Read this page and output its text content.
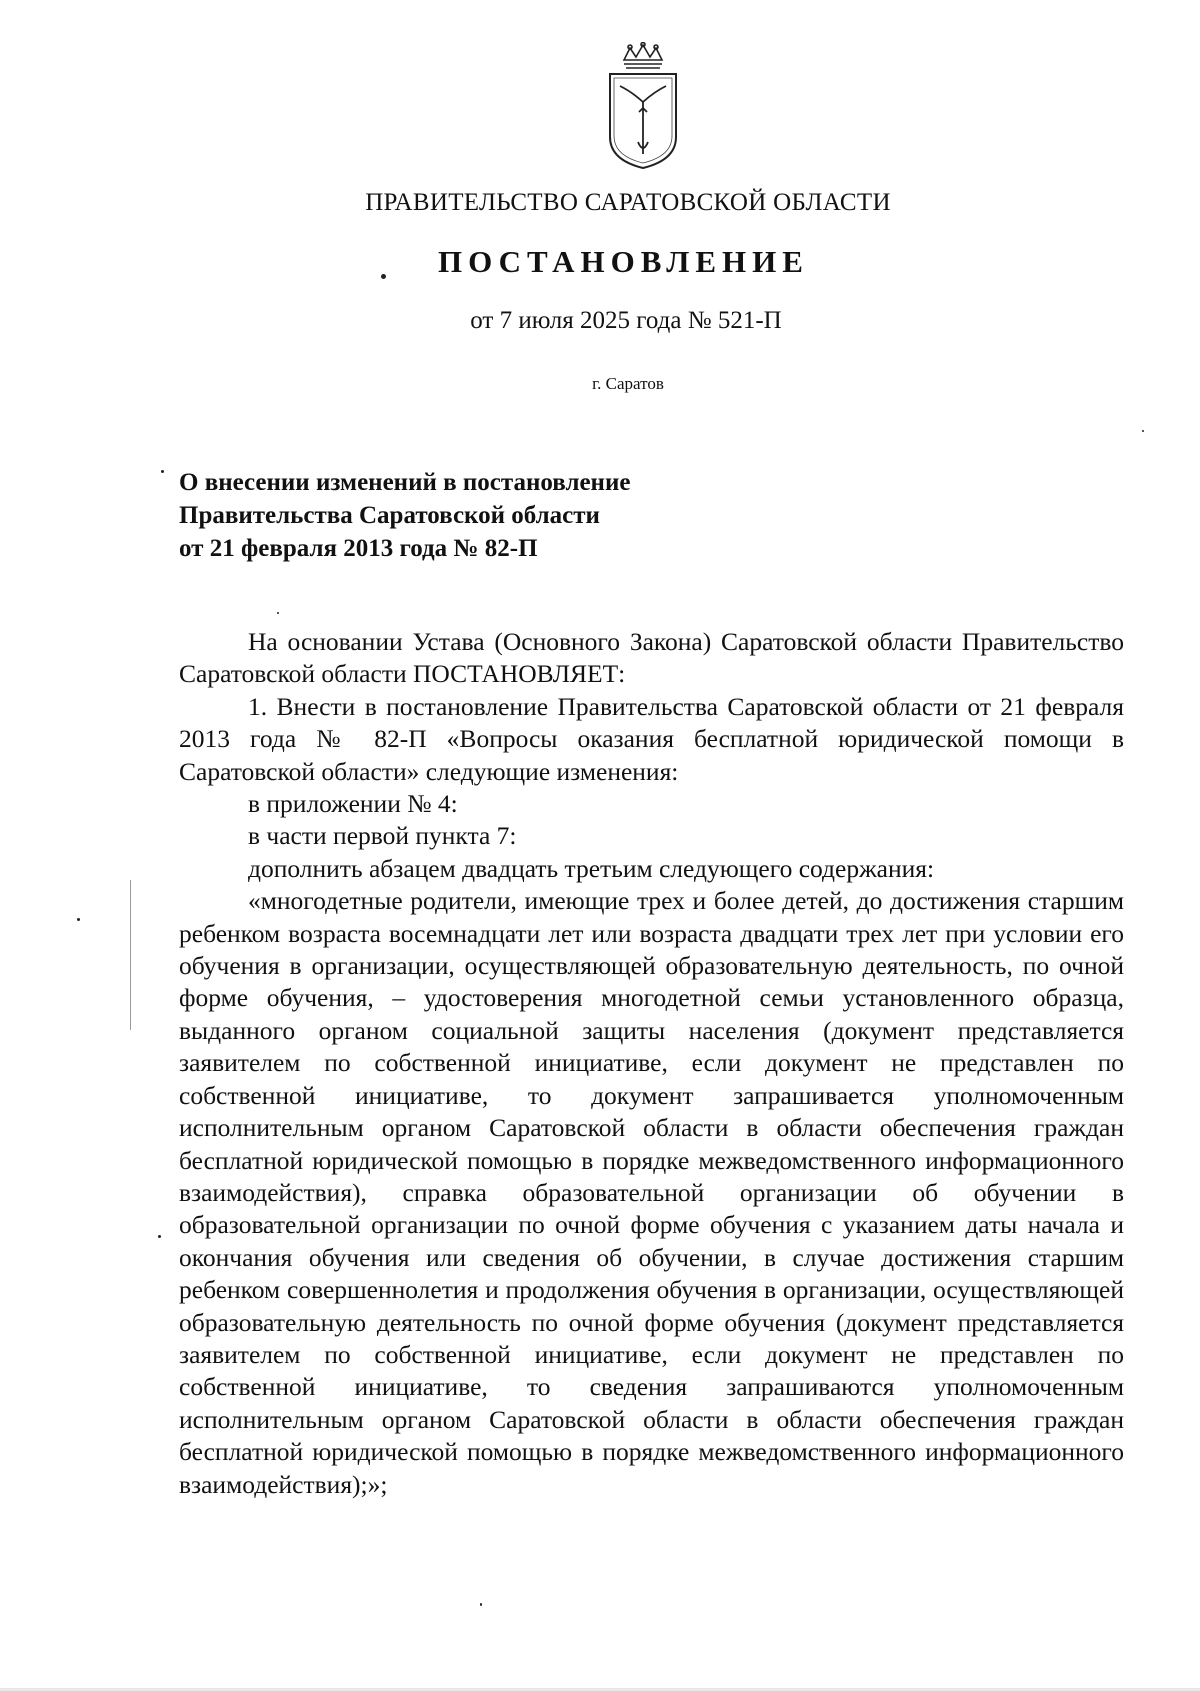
ПРАВИТЕЛЬСТВО САРАТОВСКОЙ ОБЛАСТИ
ПОСТАНОВЛЕНИЕ
от 7 июля 2025 года № 521-П
г. Саратов
О внесении изменений в постановление
Правительства Саратовской области
от 21 февраля 2013 года № 82-П

На основании Устава (Основного Закона) Саратовской области Правительство Саратовской области ПОСТАНОВЛЯЕТ:

1. Внести в постановление Правительства Саратовской области от 21 февраля 2013 года № 82-П «Вопросы оказания бесплатной юридической помощи в Саратовской области» следующие изменения:

в приложении № 4:

в части первой пункта 7:

дополнить абзацем двадцать третьим следующего содержания:

«многодетные родители, имеющие трех и более детей, до достижения старшим ребенком возраста восемнадцати лет или возраста двадцати трех лет при условии его обучения в организации, осуществляющей образовательную деятельность, по очной форме обучения, – удостоверения многодетной семьи установленного образца, выданного органом социальной защиты населения (документ представляется заявителем по собственной инициативе, если документ не представлен по собственной инициативе, то документ запрашивается уполномоченным исполнительным органом Саратовской области в области обеспечения граждан бесплатной юридической помощью в порядке межведомственного информационного взаимодействия), справка образовательной организации об обучении в образовательной организации по очной форме обучения с указанием даты начала и окончания обучения или сведения об обучении, в случае достижения старшим ребенком совершеннолетия и продолжения обучения в организации, осуществляющей образовательную деятельность по очной форме обучения (документ представляется заявителем по собственной инициативе, если документ не представлен по собственной инициативе, то сведения запрашиваются уполномоченным исполнительным органом Саратовской области в области обеспечения граждан бесплатной юридической помощью в порядке межведомственного информационного взаимодействия);»;
